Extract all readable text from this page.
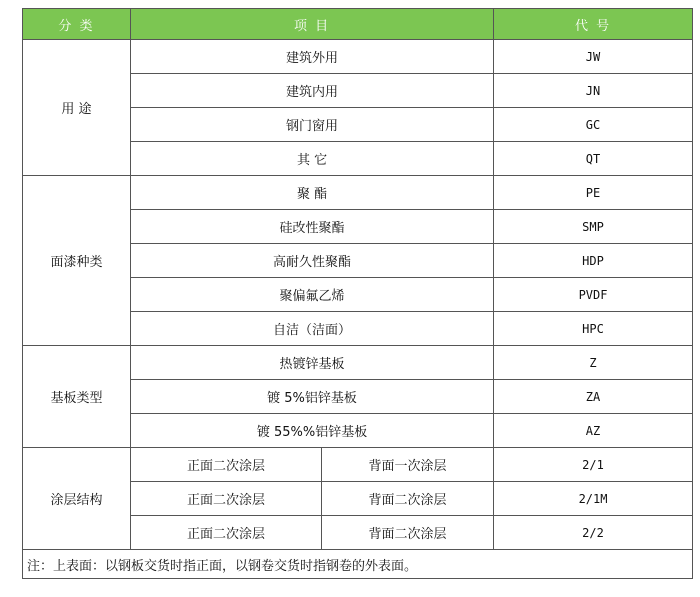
分 类	项 目		代 号
用 途	建筑外用		JW
	建筑内用		JN
	钢门窗用		GC
	其 它		QT
面漆种类	聚 酯		PE
	硅改性聚酯		SMP
	高耐久性聚酯		HDP
	聚偏氟乙烯		PVDF
	自洁（洁面）		HPC
基板类型	热镀锌基板		Z
	镀 5%铝锌基板		ZA
	镀 55%%铝锌基板		AZ
涂层结构	正面二次涂层	背面一次涂层	2/1
	正面二次涂层	背面二次涂层	2/1M
	正面二次涂层	背面二次涂层	2/2
注：上表面：以钢板交货时指正面，以钢卷交货时指钢卷的外表面。			
